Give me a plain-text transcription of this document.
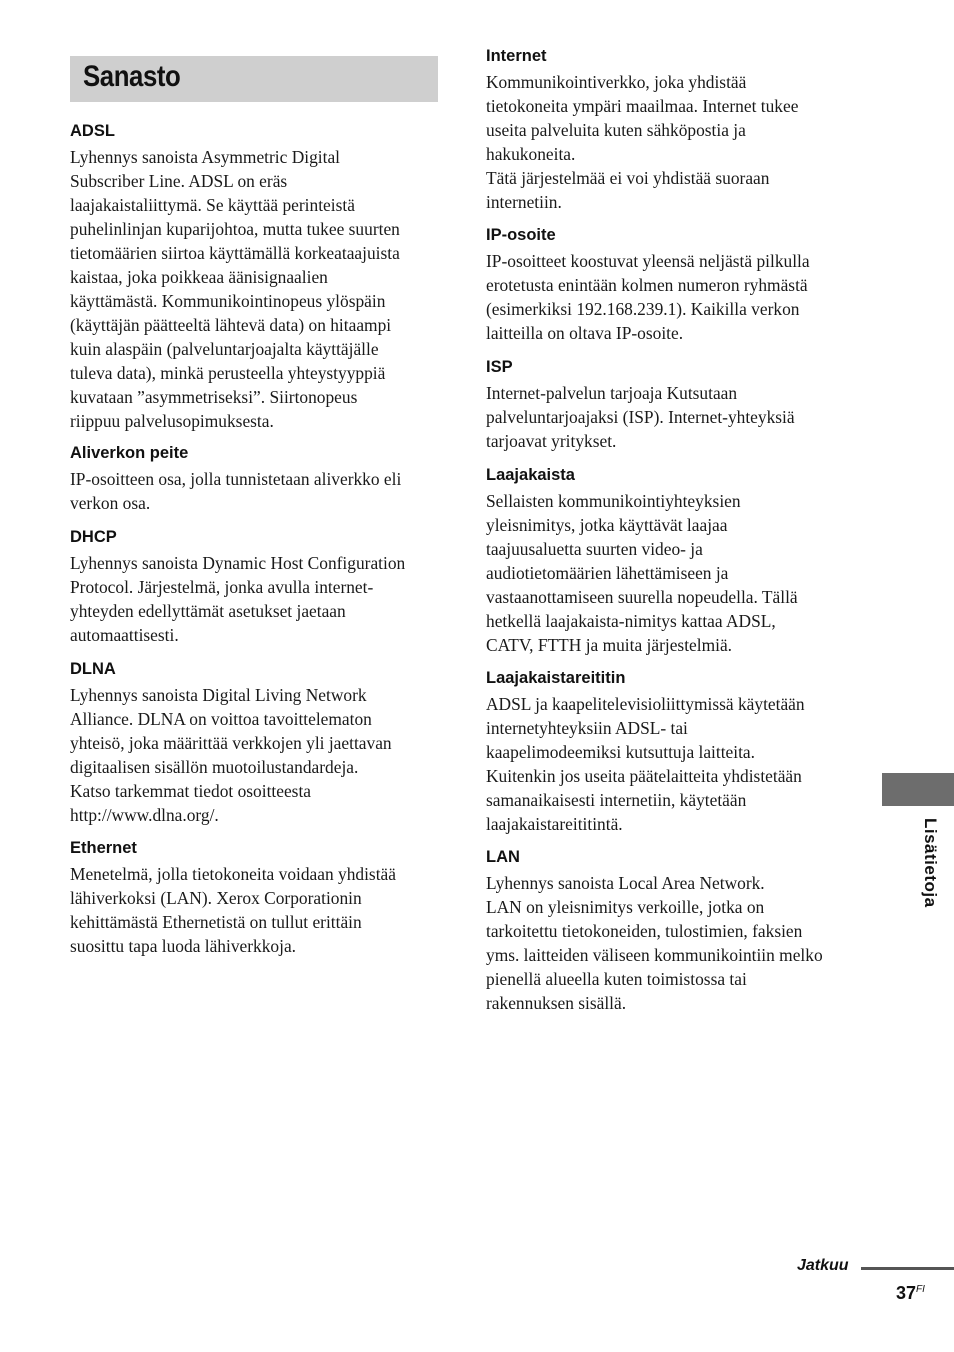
Sanasto
ADSL

Lyhennys sanoista Asymmetric Digital
Subscriber Line. ADSL on eräs
laajakaistaliittymä. Se käyttää perinteistä
puhelinlinjan kuparijohtoa, mutta tukee suurten
tietomäärien siirtoa käyttämällä korkeataajuista
kaistaa, joka poikkeaa äänisignaalien
käyttämästä. Kommunikointinopeus ylöspäin
(käyttäjän päätteeltä lähtevä data) on hitaampi
kuin alaspäin (palveluntarjoajalta käyttäjälle
tuleva data), minkä perusteella yhteystyyppiä
kuvataan ”asymmetriseksi”. Siirtonopeus
riippuu palvelusopimuksesta.

Aliverkon peite

IP-osoitteen osa, jolla tunnistetaan aliverkko eli
verkon osa.

DHCP

Lyhennys sanoista Dynamic Host Configuration
Protocol. Järjestelmä, jonka avulla internet-
yhteyden edellyttämät asetukset jaetaan
automaattisesti.

DLNA

Lyhennys sanoista Digital Living Network
Alliance. DLNA on voittoa tavoittelematon
yhteisö, joka määrittää verkkojen yli jaettavan
digitaalisen sisällön muotoilustandardeja.
Katso tarkemmat tiedot osoitteesta
http://www.dlna.org/.

Ethernet

Menetelmä, jolla tietokoneita voidaan yhdistää
lähiverkoksi (LAN). Xerox Corporationin
kehittämästä Ethernetistä on tullut erittäin
suosittu tapa luoda lähiverkkoja.

Internet

Kommunikointiverkko, joka yhdistää
tietokoneita ympäri maailmaa. Internet tukee
useita palveluita kuten sähköpostia ja
hakukoneita.
Tätä järjestelmää ei voi yhdistää suoraan
internetiin.

IP-osoite

IP-osoitteet koostuvat yleensä neljästä pilkulla
erotetusta enintään kolmen numeron ryhmästä
(esimerkiksi 192.168.239.1). Kaikilla verkon
laitteilla on oltava IP-osoite.

ISP

Internet-palvelun tarjoaja Kutsutaan
palveluntarjoajaksi (ISP). Internet-yhteyksiä
tarjoavat yritykset.

Laajakaista

Sellaisten kommunikointiyhteyksien
yleisnimitys, jotka käyttävät laajaa
taajuusaluetta suurten video- ja
audiotietomäärien lähettämiseen ja
vastaanottamiseen suurella nopeudella. Tällä
hetkellä laajakaista-nimitys kattaa ADSL,
CATV, FTTH ja muita järjestelmiä.

Laajakaistareititin

ADSL ja kaapelitelevisioliittymissä käytetään
internetyhteyksiin ADSL- tai
kaapelimodeemiksi kutsuttuja laitteita.
Kuitenkin jos useita päätelaitteita yhdistetään
samanaikaisesti internetiin, käytetään
laajakaistareititintä.

LAN

Lyhennys sanoista Local Area Network.
LAN on yleisnimitys verkoille, jotka on
tarkoitettu tietokoneiden, tulostimien, faksien
yms. laitteiden väliseen kommunikointiin melko
pienellä alueella kuten toimistossa tai
rakennuksen sisällä.

Lisätietoja
Jatkuu
$37^{FI}$
